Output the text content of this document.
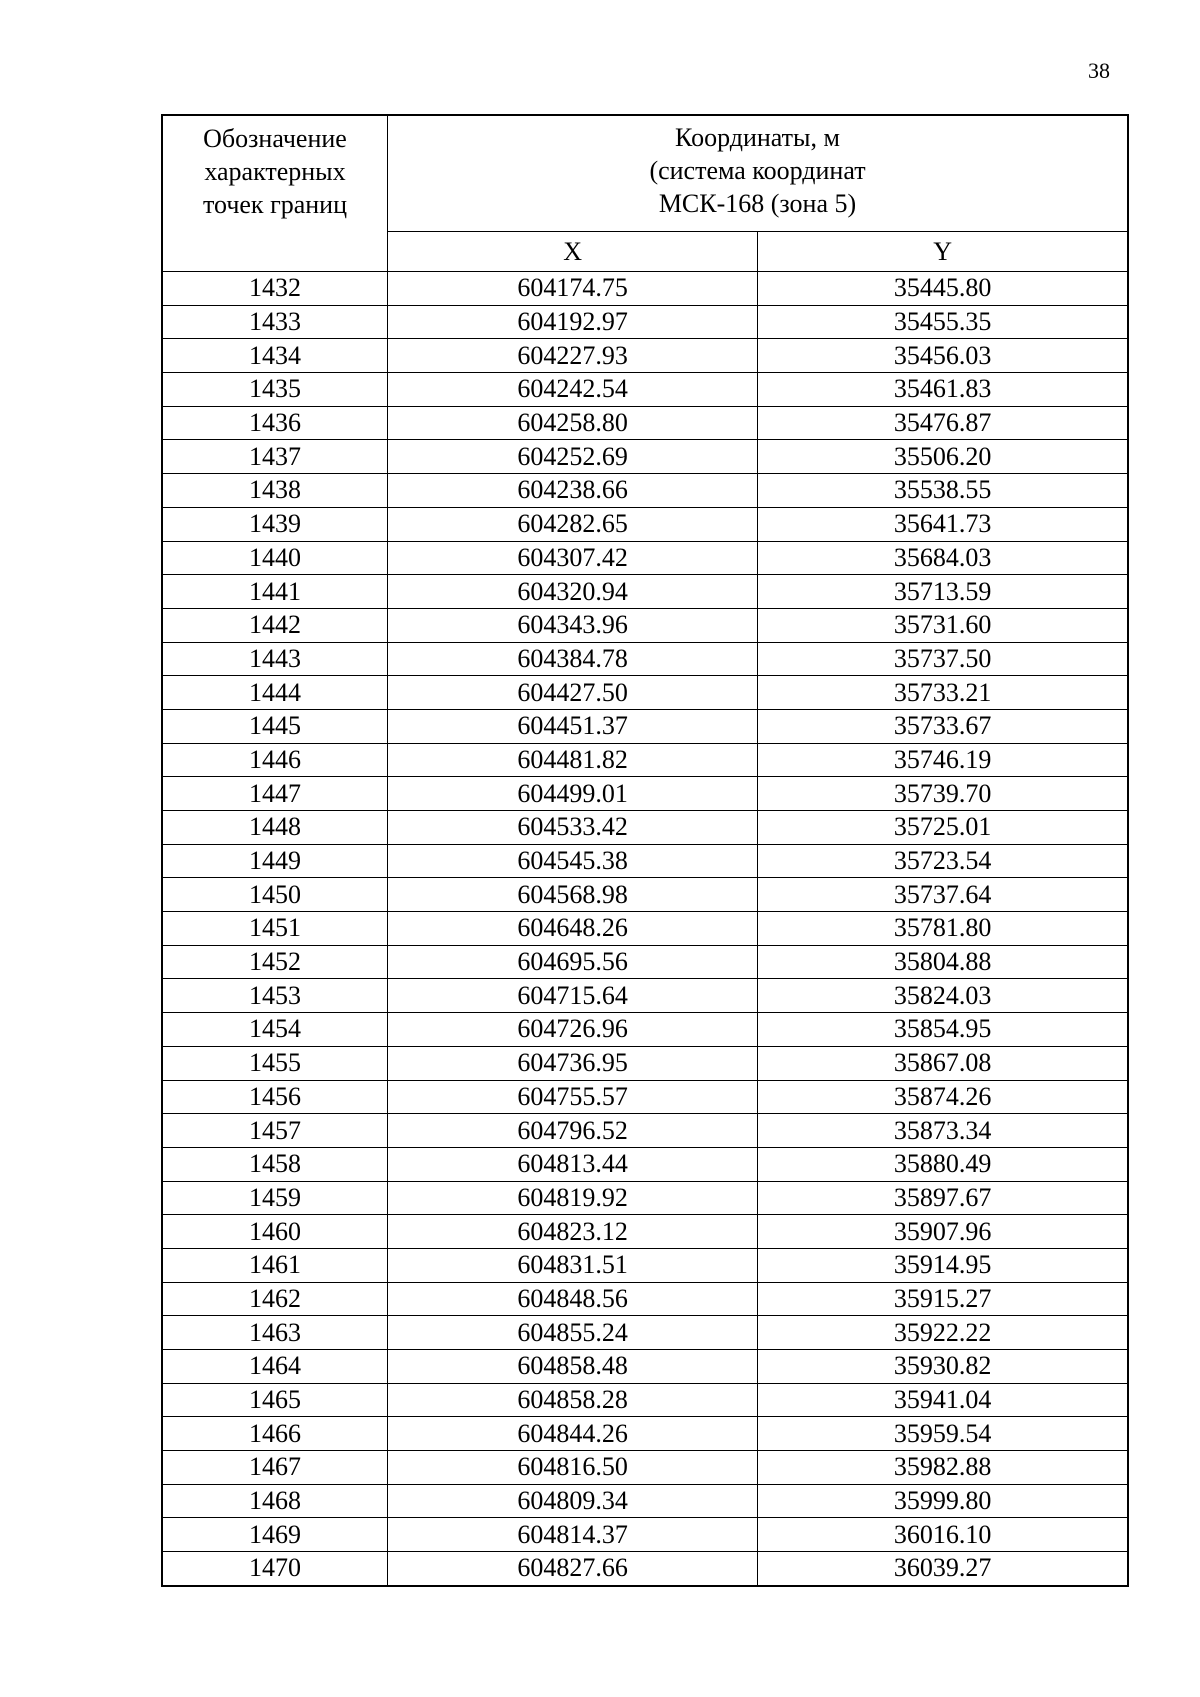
38
Обозначение
характерных
точек границ	Координаты, м
(система координат
МСК-168 (зона 5)	

	X	Y
1432	604174.75	35445.80
1433	604192.97	35455.35
1434	604227.93	35456.03
1435	604242.54	35461.83
1436	604258.80	35476.87
1437	604252.69	35506.20
1438	604238.66	35538.55
1439	604282.65	35641.73
1440	604307.42	35684.03
1441	604320.94	35713.59
1442	604343.96	35731.60
1443	604384.78	35737.50
1444	604427.50	35733.21
1445	604451.37	35733.67
1446	604481.82	35746.19
1447	604499.01	35739.70
1448	604533.42	35725.01
1449	604545.38	35723.54
1450	604568.98	35737.64
1451	604648.26	35781.80
1452	604695.56	35804.88
1453	604715.64	35824.03
1454	604726.96	35854.95
1455	604736.95	35867.08
1456	604755.57	35874.26
1457	604796.52	35873.34
1458	604813.44	35880.49
1459	604819.92	35897.67
1460	604823.12	35907.96
1461	604831.51	35914.95
1462	604848.56	35915.27
1463	604855.24	35922.22
1464	604858.48	35930.82
1465	604858.28	35941.04
1466	604844.26	35959.54
1467	604816.50	35982.88
1468	604809.34	35999.80
1469	604814.37	36016.10
1470	604827.66	36039.27
